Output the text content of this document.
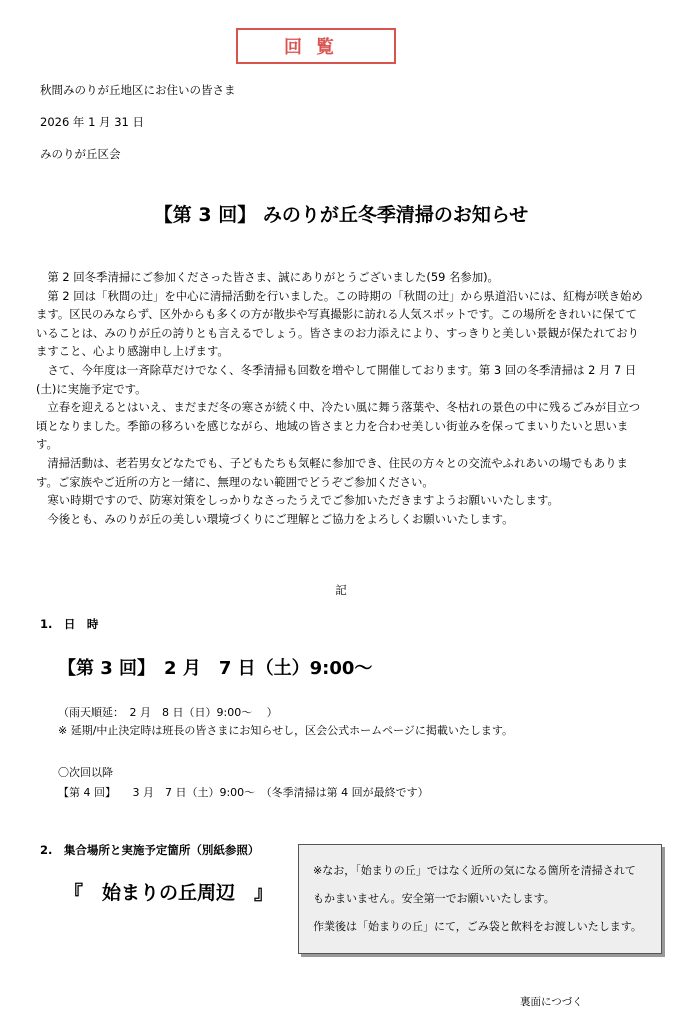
回覧
秋間みのりが丘地区にお住いの皆さま
2026 年 1 月 31 日
みのりが丘区会
【第 3 回】 みのりが丘冬季清掃のお知らせ

第 2 回冬季清掃にご参加くださった皆さま、誠にありがとうございました(59 名参加)。

第 2 回は「秋間の辻」を中心に清掃活動を行いました。この時期の「秋間の辻」から県道沿いには、紅梅が咲き始めます。区民のみならず、区外からも多くの方が散歩や写真撮影に訪れる人気スポットです。この場所をきれいに保てていることは、みのりが丘の誇りとも言えるでしょう。皆さまのお力添えにより、すっきりと美しい景観が保たれておりますこと、心より感謝申し上げます。

さて、今年度は一斉除草だけでなく、冬季清掃も回数を増やして開催しております。第 3 回の冬季清掃は 2 月 7 日(土)に実施予定です。

立春を迎えるとはいえ、まだまだ冬の寒さが続く中、冷たい風に舞う落葉や、冬枯れの景色の中に残るごみが目立つ頃となりました。季節の移ろいを感じながら、地域の皆さまと力を合わせ美しい街並みを保ってまいりたいと思います。

清掃活動は、老若男女どなたでも、子どもたちも気軽に参加でき、住民の方々との交流やふれあいの場でもあります。ご家族やご近所の方と一緒に、無理のない範囲でどうぞご参加ください。

寒い時期ですので、防寒対策をしっかりなさったうえでご参加いただきますようお願いいたします。

今後とも、みのりが丘の美しい環境づくりにご理解とご協力をよろしくお願いいたします。

記
1.　日　時
【第 3 回】　2 月　7 日（土）9:00～
（雨天順延：　2 月　8 日（日）9:00～　 ）
※ 延期/中止決定時は班長の皆さまにお知らせし，区会公式ホームページに掲載いたします。
〇次回以降
【第 4 回】　　3 月　7 日（土）9:00～　（冬季清掃は第 4 回が最終です）
2.　集合場所と実施予定箇所（別紙参照）
『　始まりの丘周辺　』
※なお，「始まりの丘」ではなく近所の気になる箇所を清掃されて
もかまいません。安全第一でお願いいたします。
作業後は「始まりの丘」にて，ごみ袋と飲料をお渡しいたします。
裏面につづく
